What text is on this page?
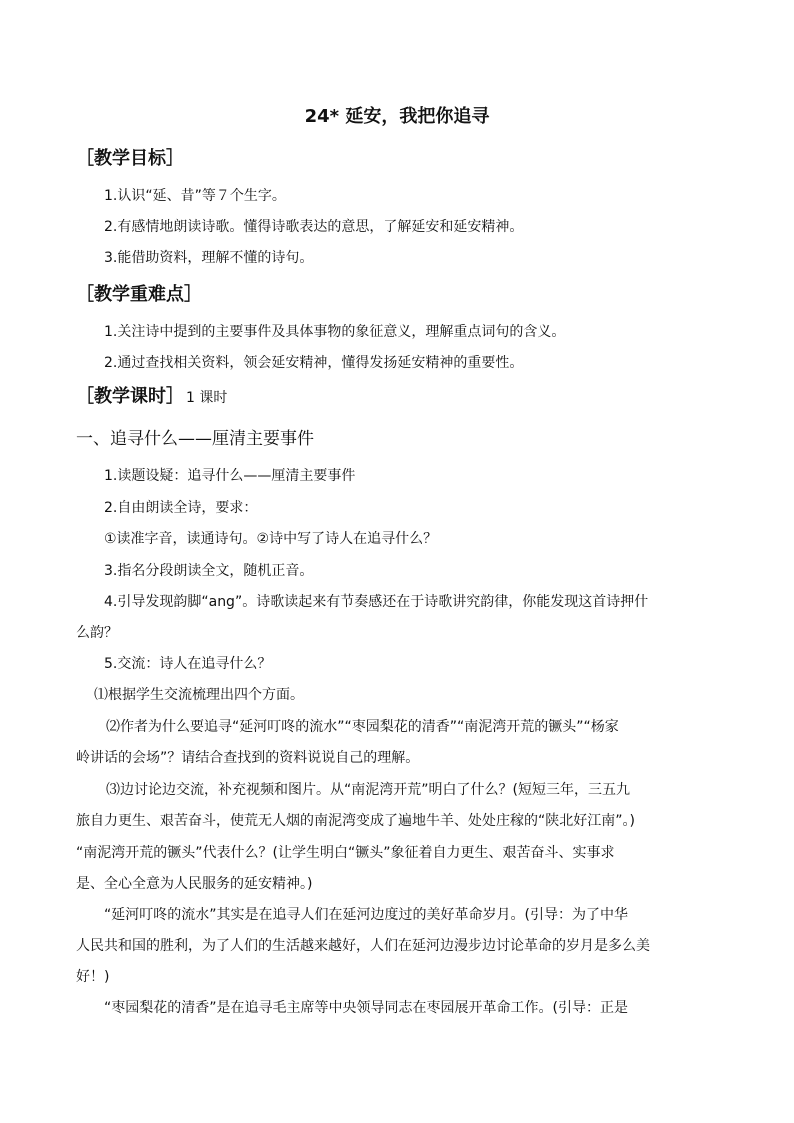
24* 延安，我把你追寻
［教学目标］
1.认识“延、昔”等７个生字。
2.有感情地朗读诗歌。懂得诗歌表达的意思，了解延安和延安精神。
3.能借助资料，理解不懂的诗句。
［教学重难点］
1.关注诗中提到的主要事件及具体事物的象征意义，理解重点词句的含义。
2.通过查找相关资料，领会延安精神，懂得发扬延安精神的重要性。
［教学课时］ 1 课时
一、追寻什么——厘清主要事件
1.读题设疑：追寻什么——厘清主要事件
2.自由朗读全诗，要求：
①读准字音，读通诗句。②诗中写了诗人在追寻什么？
3.指名分段朗读全文，随机正音。
4.引导发现韵脚“ang”。诗歌读起来有节奏感还在于诗歌讲究韵律，你能发现这首诗押什
么韵？
5.交流：诗人在追寻什么？
⑴根据学生交流梳理出四个方面。
⑵作者为什么要追寻“延河叮咚的流水”“枣园梨花的清香”“南泥湾开荒的镢头”“杨家
岭讲话的会场”？请结合查找到的资料说说自己的理解。
⑶边讨论边交流，补充视频和图片。从“南泥湾开荒”明白了什么？(短短三年，三五九
旅自力更生、艰苦奋斗，使荒无人烟的南泥湾变成了遍地牛羊、处处庄稼的“陕北好江南”。)
“南泥湾开荒的镢头”代表什么？(让学生明白“镢头”象征着自力更生、艰苦奋斗、实事求
是、全心全意为人民服务的延安精神。)
“延河叮咚的流水”其实是在追寻人们在延河边度过的美好革命岁月。(引导：为了中华
人民共和国的胜利，为了人们的生活越来越好，人们在延河边漫步边讨论革命的岁月是多么美
好！)
“枣园梨花的清香”是在追寻毛主席等中央领导同志在枣园展开革命工作。(引导：正是
